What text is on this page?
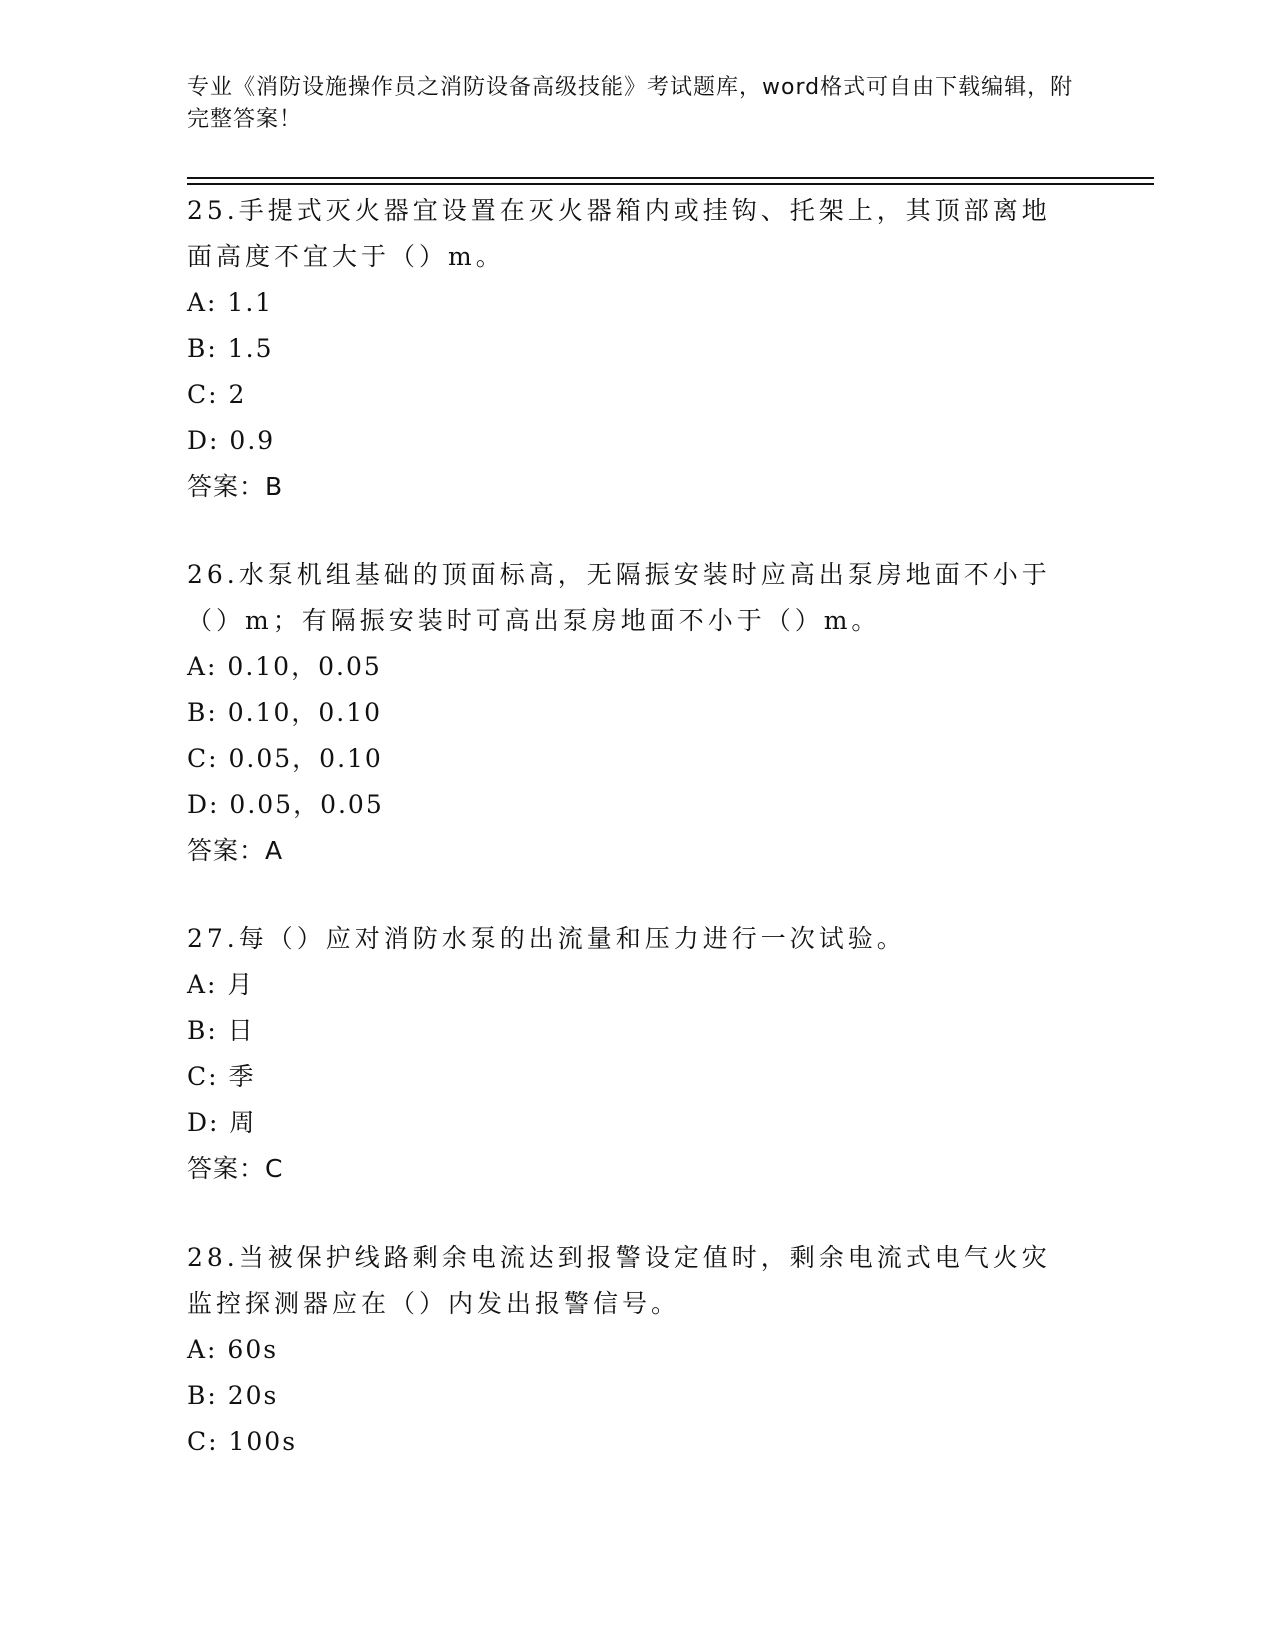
专业《消防设施操作员之消防设备高级技能》考试题库，word格式可自由下载编辑，附完整答案！

25.手提式灭火器宜设置在灭火器箱内或挂钩、托架上，其顶部离地面高度不宜大于（）m。

A: 1.1

B: 1.5

C: 2

D: 0.9

答案：B

26.水泵机组基础的顶面标高，无隔振安装时应高出泵房地面不小于（）m；有隔振安装时可高出泵房地面不小于（）m。

A: 0.10，0.05

B: 0.10，0.10

C: 0.05，0.10

D: 0.05，0.05

答案：A

27.每（）应对消防水泵的出流量和压力进行一次试验。

A: 月

B: 日

C: 季

D: 周

答案：C

28.当被保护线路剩余电流达到报警设定值时，剩余电流式电气火灾监控探测器应在（）内发出报警信号。

A: 60s

B: 20s

C: 100s
